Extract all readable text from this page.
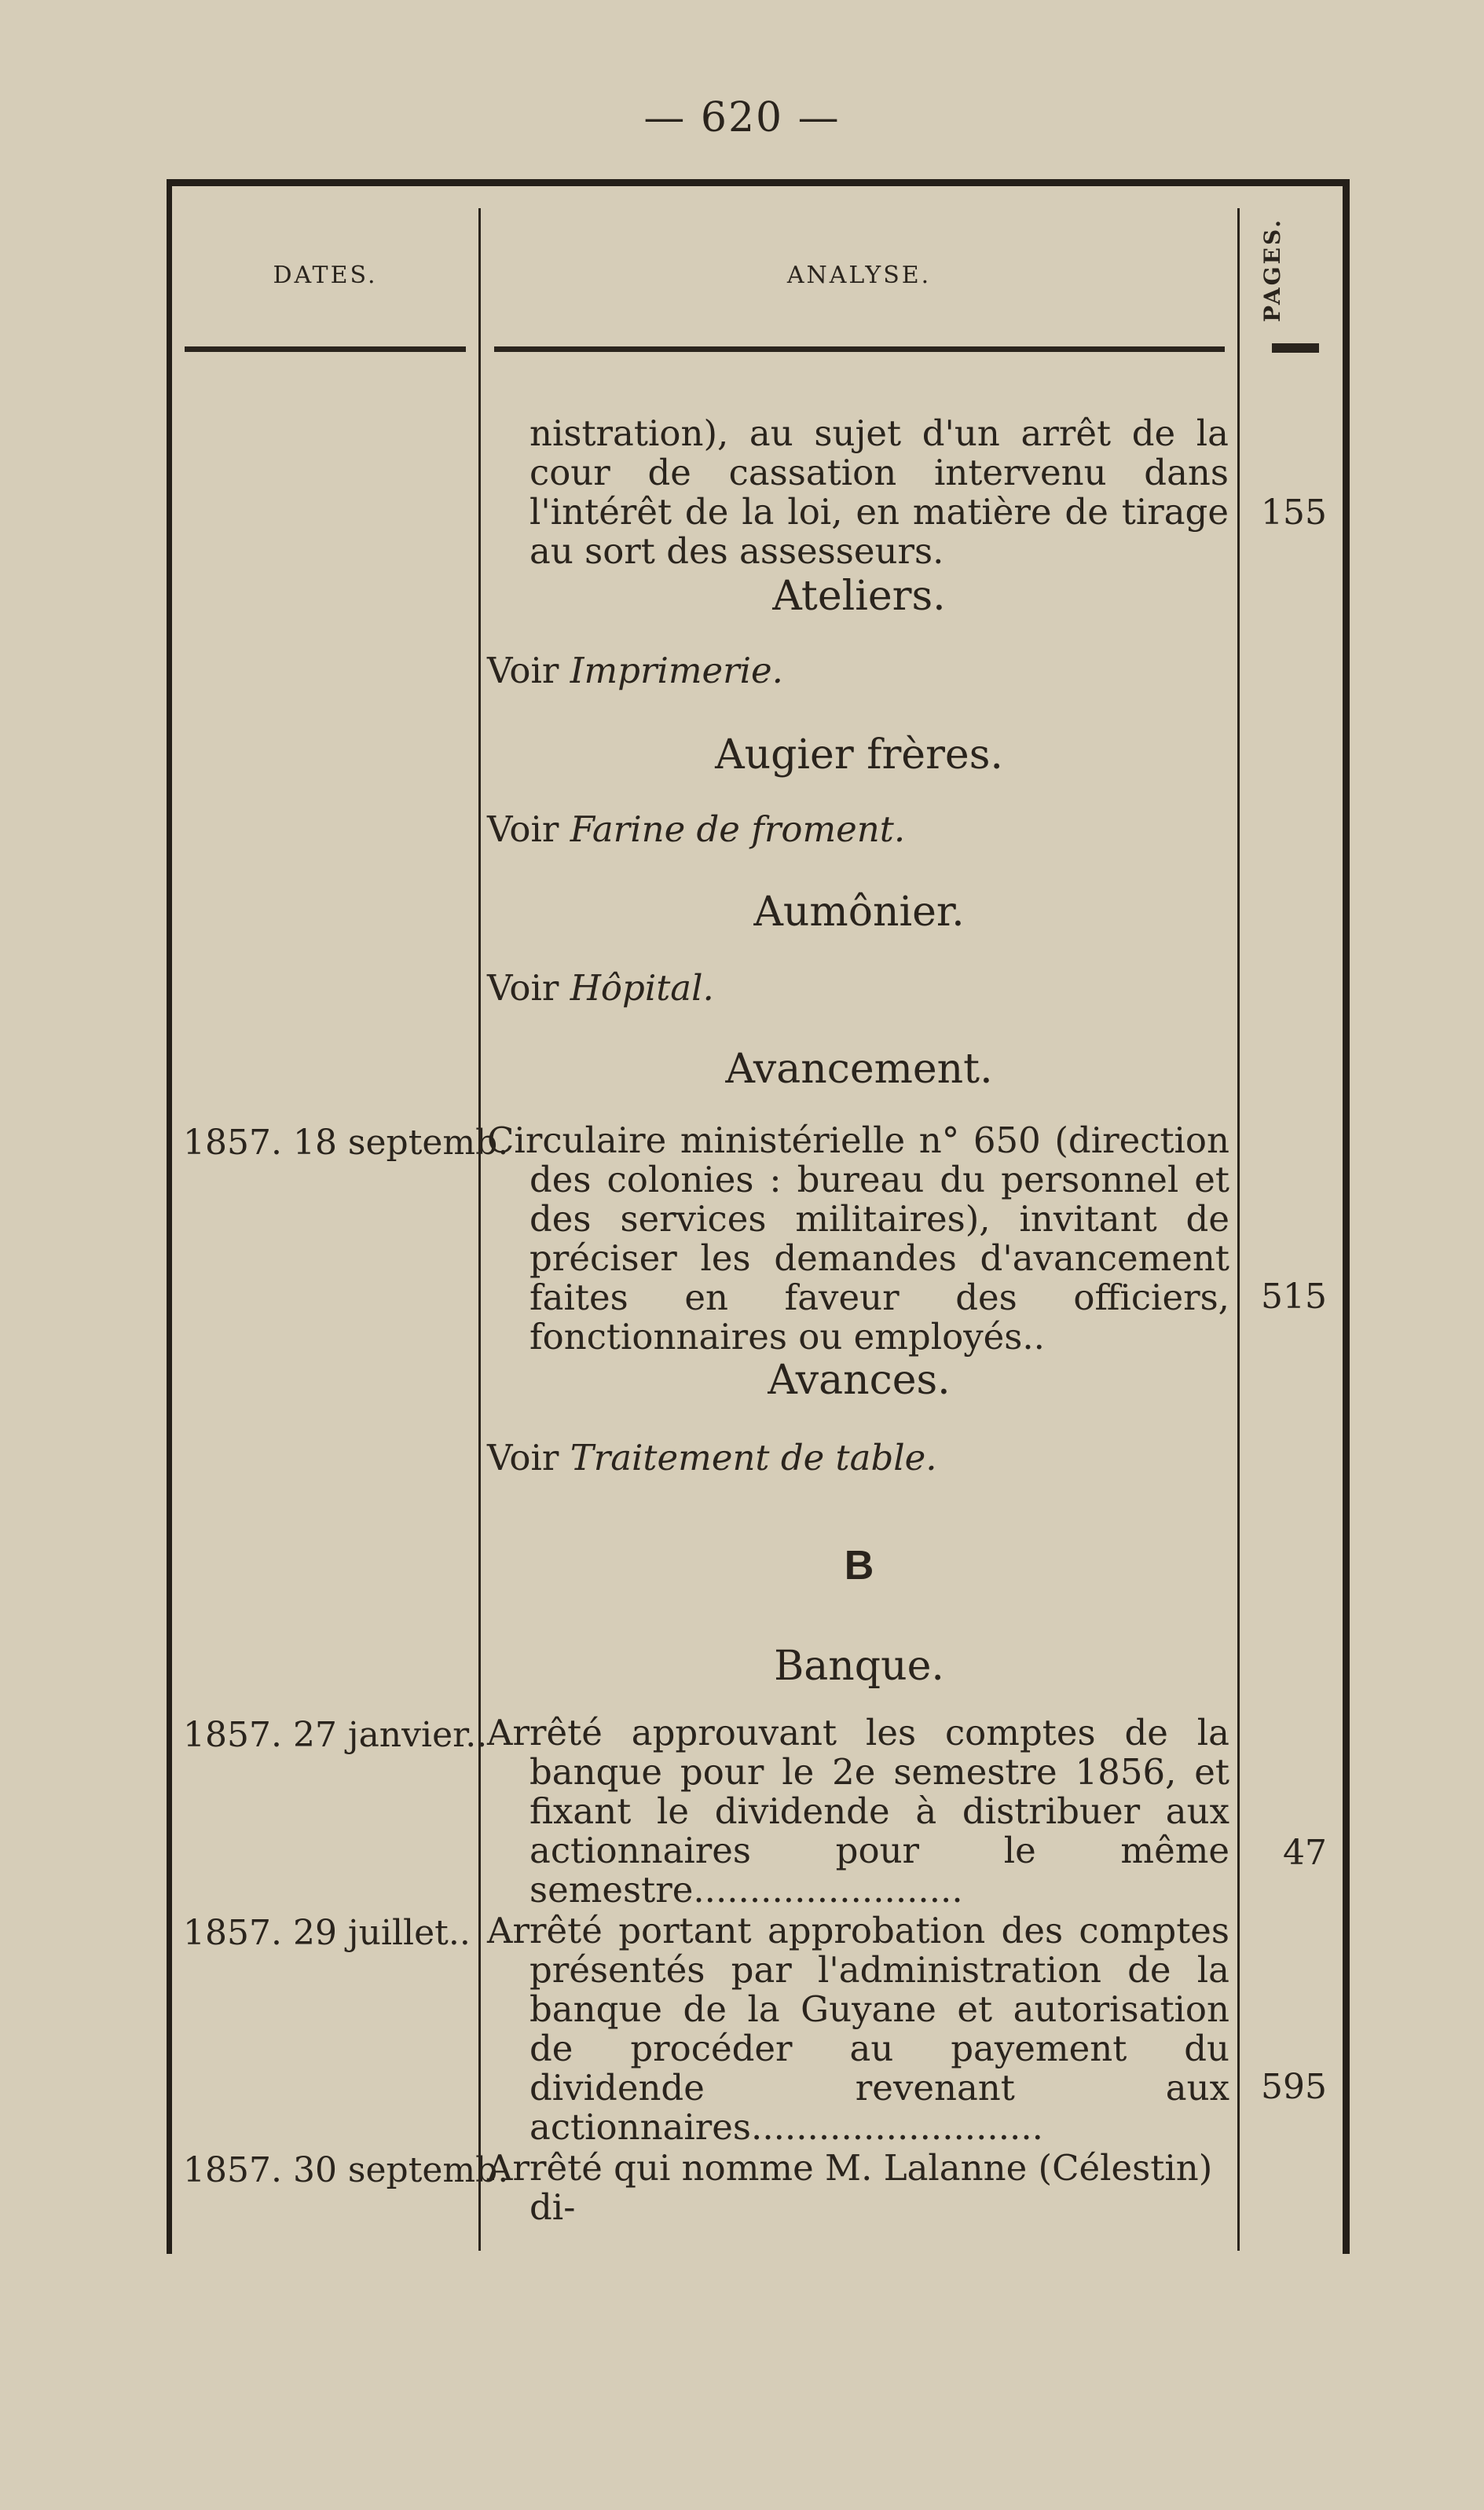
— 620 —
DATES.	ANALYSE.	PAGES.
nistration), au sujet d'un arrêt de la cour de cassation intervenu dans l'intérêt de la loi, en matière de tirage au sort des assesseurs.
155
Ateliers.
Voir Imprimerie.
Augier frères.
Voir Farine de froment.
Aumônier.
Voir Hôpital.
Avancement.
1857. 18 septemb.
Circulaire ministérielle n° 650 (direction des colonies : bureau du personnel et des services militaires), invitant de préciser les demandes d'avancement faites en faveur des officiers, fonctionnaires ou employés..
515
Avances.
Voir Traitement de table.
B
Banque.
1857. 27 janvier.. Arrêté approuvant les comptes de la banque pour le 2e semestre 1856, et fixant le dividende à distribuer aux actionnaires pour le même semestre........................
47
1857. 29 juillet.. Arrêté portant approbation des comptes présentés par l'administration de la banque de la Guyane et autorisation de procéder au payement du dividende revenant aux actionnaires..........................
595
1857. 30 septemb.
Arrêté qui nomme M. Lalanne (Célestin) di-
